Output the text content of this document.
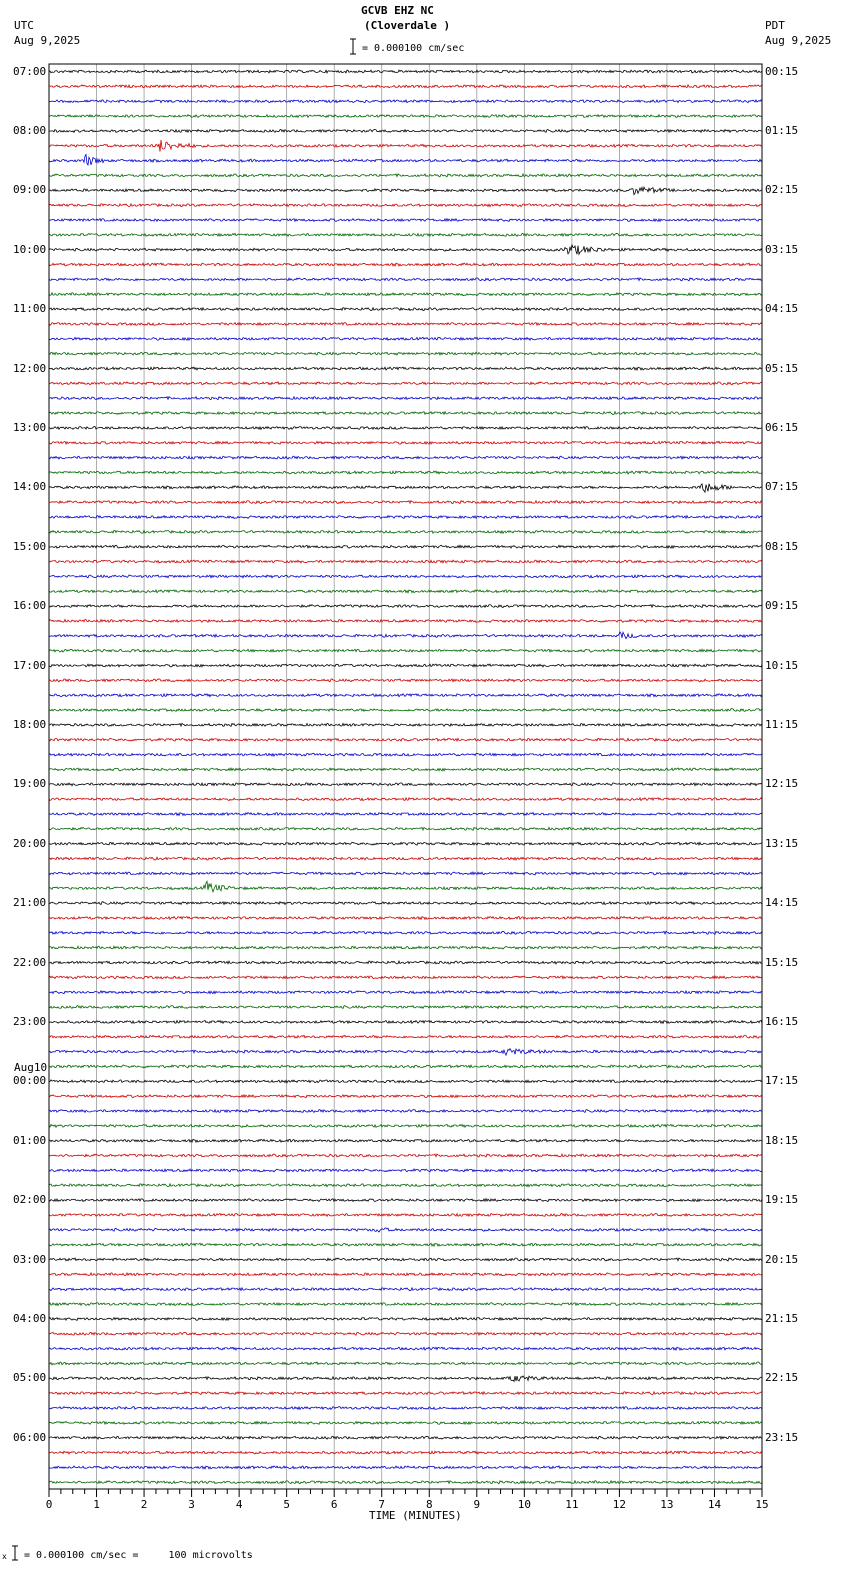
GCVB EHZ NC
(Cloverdale )
UTC
Aug 9,2025
PDT
Aug 9,2025
= 0.000100 cm/sec
0	1	2	3	4	5	6	7	8	9	10	11	12	13	14	15
07:00
08:00
09:00
10:00
11:00
12:00
13:00
14:00
15:00
16:00
17:00
18:00
19:00
20:00
21:00
22:00
23:00
00:00
01:00
02:00
03:00
04:00
05:00
06:00
00:15
01:15
02:15
03:15
04:15
05:15
06:15
07:15
08:15
09:15
10:15
11:15
12:15
13:15
14:15
15:15
16:15
17:15
18:15
19:15
20:15
21:15
22:15
23:15
Aug10
TIME (MINUTES)
x = 0.000100 cm/sec =     100 microvolts
